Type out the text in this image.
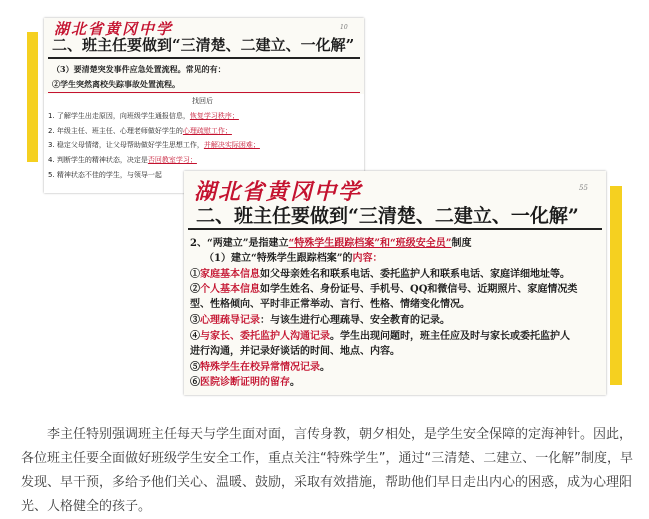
湖北省黄冈中学	10
二、班主任要做到“三清楚、二建立、一化解”
（3）要清楚突发事件应急处置流程。常见的有：
②学生突然离校失踪事故处置流程。
找回后
1. 了解学生出走原因，向班级学生通报信息，恢复学习秩序；
2. 年级主任、班主任、心理老师做好学生的心理疏慰工作；
3. 稳定父母情绪，让父母帮助做好学生思想工作，并解决实际困难；
4. 判断学生的精神状态，决定是否回教室学习；
5. 精神状态不佳的学生，与领导一起
湖北省黄冈中学	55
二、班主任要做到“三清楚、二建立、一化解”
2、“两建立”是指建立“特殊学生跟踪档案”和“班级安全员”制度
（1）建立“特殊学生跟踪档案”的内容：
①家庭基本信息如父母亲姓名和联系电话、委托监护人和联系电话、家庭详细地址等。
②个人基本信息如学生姓名、身份证号、手机号、QQ和微信号、近期照片、家庭情况类
型、性格倾向、平时非正常举动、言行、性格、情绪变化情况。
③心理疏导记录：与该生进行心理疏导、安全教育的记录。
④与家长、委托监护人沟通记录。学生出现问题时，班主任应及时与家长或委托监护人
进行沟通，并记录好谈话的时间、地点、内容。
⑤特殊学生在校异常情况记录。
⑥医院诊断证明的留存。

李主任特别强调班主任每天与学生面对面，言传身教，朝夕相处，是学生安全保障的定海神针。因此，各位班主任要全面做好班级学生安全工作，重点关注“特殊学生”，通过“三清楚、二建立、一化解”制度，早发现、早干预，多给予他们关心、温暖、鼓励，采取有效措施，帮助他们早日走出内心的困惑，成为心理阳光、人格健全的孩子。
